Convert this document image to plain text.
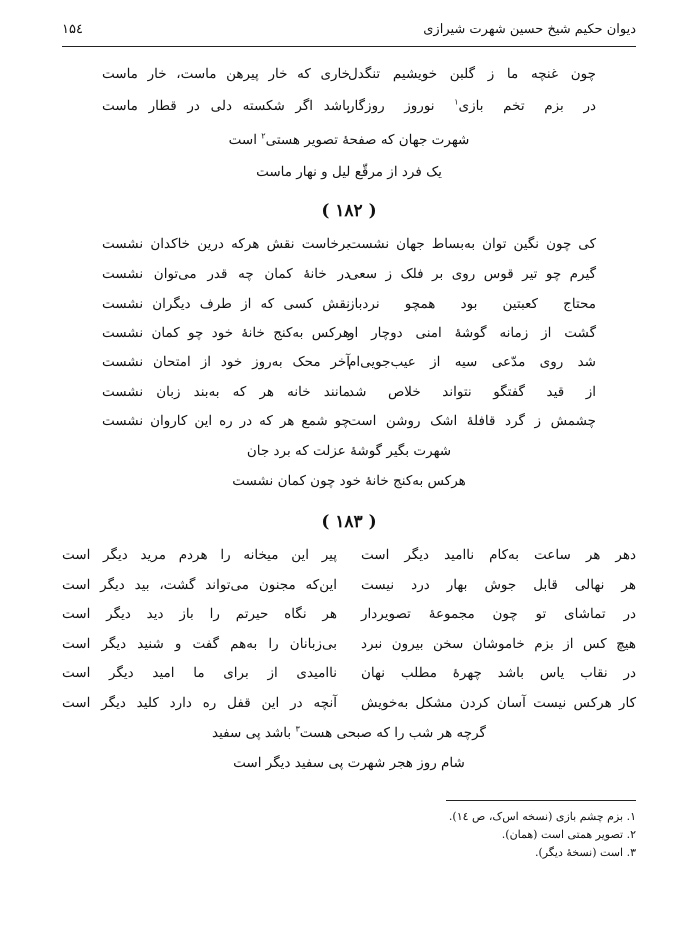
دیوان حکیم شیخ حسین شهرت شیرازی
۱۵٤
چون غنچه ما ز گلبن خویشیم تنگدل
خاری که خار پیرهن ماست، خار ماست
در بزم تخم بازی$^۱$ نوروز روزگار
باشد اگر شکسته دلی در قطار ماست
شهرت جهان که صفحهٔ تصویر هستی$^۲$ است
یک فرد از مرقّع لیل و نهار ماست
( ۱۸۲ )
کی چون نگین توان به‌بساط جهان نشست
برخاست نقش هرکه درین خاکدان نشست
گیرم چو تیر قوس روی بر فلک ز سعی
در خانهٔ کمان چه قدر می‌توان نشست
محتاج کعبتین بود همچو نردباز
نقش کسی که از طرف دیگران نشست
گشت از زمانه گوشهٔ امنی دوچار او
هرکس به‌کنج خانهٔ خود چو کمان نشست
شد روی مدّعی سیه از عیب‌جویی‌ام
آخر محک به‌روز خود از امتحان نشست
از قید گفتگو نتواند خلاص شد
مانند خانه هر که به‌بند زبان نشست
چشمش ز گرد قافلهٔ اشک روشن است
چو شمع هر که در ره این کاروان نشست
شهرت بگیر گوشهٔ عزلت که برد جان
هرکس به‌کنج خانهٔ خود چون کمان نشست
( ۱۸۳ )
دهر هر ساعت به‌کام ناامید دیگر است
پیر این میخانه را هردم مرید دیگر است
هر نهالی قابل جوش بهار درد نیست
این‌که مجنون می‌تواند گشت، بید دیگر است
در تماشای تو چون مجموعهٔ تصویردار
هر نگاه حیرتم را باز دید دیگر است
هیچ کس از بزم خاموشان سخن بیرون نبرد
بی‌زبانان را به‌هم گفت و شنید دیگر است
در نقاب یاس باشد چهرهٔ مطلب نهان
ناامیدی از برای ما امید دیگر است
کار هرکس نیست آسان کردن مشکل به‌خویش
آنچه در این قفل ره دارد کلید دیگر است
گرچه هر شب را که صبحی هست$^۳$ باشد پی سفید
شام روز هجر شهرت پی سفید دیگر است
۱. بزم چشم بازی (نسخه اس‌ک، ص ١٤).
۲. تصویر همتی است (همان).
۳. است (نسخهٔ دیگر).
